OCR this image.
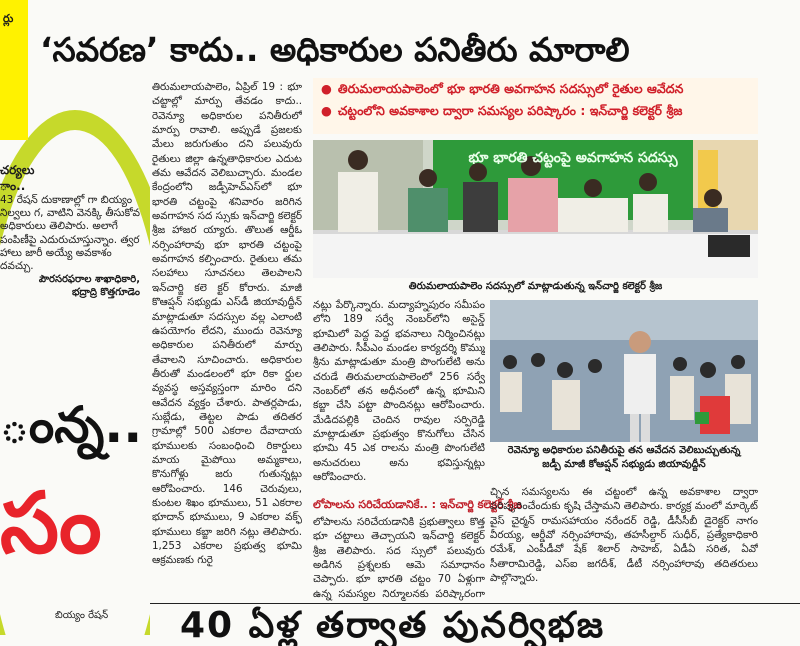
ర్లు
చర్యలు
ాం..
43 రేషన్ దుకాణాల్లో గా బియ్యం నిల్వలు గ, వాటిని వెనక్కి తీసుకోవ అధికారులు తెలిపారు. అలాగే పంపిణీపై ఎదురుచూస్తున్నాం. త్వర హాలు జారీ అయ్యే అవకాశం దవచ్చు.
పౌరసరఫరాల శాఖాధికారి,
భద్రాద్రి కొత్తగూడెం
ంన్న..
సం
బియ్యం రేషన్
‘సవరణ’ కాదు.. అధికారుల పనితీరు మారాలి
● తిరుమలాయపాలెంలో భూ భారతి అవగాహన సదస్సులో రైతుల ఆవేదన
● చట్టంలోని అవకాశాల ద్వారా సమస్యల పరిష్కారం : ఇన్‌చార్జి కలెక్టర్ శ్రీజ
తిరుమలాయపాలెం, ఏప్రిల్ 19 : భూ చట్టాల్లో మార్పు తేవడం కాదు.. రెవెన్యూ అధికారుల పనితీరులో మార్పు రావాలి. అప్పుడే ప్రజలకు మేలు జరుగుతుం దని పలువురు రైతులు జిల్లా ఉన్నతాధికారుల ఎదుట తమ ఆవేదన వెలిబుచ్చారు. మండల కేంద్రంలోని జడ్పీహెచ్‌ఎస్‌లో భూ భారతి చట్టంపై శనివారం జరిగిన అవగాహన సద స్సుకు ఇన్‌చార్జి కలెక్టర్ శ్రీజ హాజర య్యారు. తొలుత ఆర్డీఓ నర్సింహారావు భూ భారతి చట్టంపై అవగాహన కల్పించారు. రైతులు తమ సలహాలు సూచనలు తెలపాలని ఇన్‌చార్జి కలె క్టర్ కోరారు. మాజీ కొఆప్షన్ సభ్యుడు ఎస్‌డీ జియావుద్దీన్ మాట్లాడుతూ సదస్సుల వల్ల ఎలాంటి ఉపయోగం లేదని, ముందు రెవెన్యూ అధికారుల పనితీరులో మార్పు తేవాలని సూచించారు. అధికారుల తీరుతో మండలంలో భూ రికా ర్డుల వ్యవస్థ అస్తవ్యస్తంగా మారిం దని ఆవేదన వ్యక్తం చేశారు. పాతర్లపాడు, సుబ్లేడు, తెట్టల పాడు తదితర గ్రామాల్లో 500 ఎకరాల దేవాదాయ భూములకు సంబంధించి రికార్డులు మాయ మైపోయి అమ్మకాలు, కొనుగోళ్లు జరు గుతున్నట్లు ఆరోపించారు. 146 చెరువులు, కుంటల శిఖం భూములు, 51 ఎకరాల భూదాన్ భూములు, 9 ఎకరాల వక్ఫ్ భూములు కబ్జా జరిగి నట్లు తెలిపారు. 1,253 ఎకరాల ప్రభుత్వ భూమి ఆక్రమణకు గురై
భూ భారతి చట్టంపై అవగాహన సదస్సు
తిరుమలాయపాలెం సదస్సులో మాట్లాడుతున్న ఇన్‌చార్జి కలెక్టర్ శ్రీజ
నట్లు పేర్కొన్నారు. మద్యాహ్నపురం సమీపం లోని 189 సర్వే నెంబర్‌లోని అసైన్డ్ భూమిలో పెద్ద పెద్ద భవనాలు నిర్మించినట్లు తెలిపారు. సీపీఎం మండల కార్యదర్శి కొమ్ము శ్రీను మాట్లాడుతూ మంత్రి పొంగులేటి అను చరుడే తిరుమలాయపాలెంలో 256 సర్వే నెంబర్‌లో తన అధీనంలో ఉన్న భూమిని కబ్జా చేసి పట్టా పొందినట్లు ఆరోపించారు. మేడిదపల్లికి చెందిన రావుల సర్పిరెడ్డి మాట్లాడుతూ ప్రభుత్వం కొనుగోలు చేసిన భూమి 45 ఎక రాలను మంత్రి పొంగులేటి అనుచరులు అను భవిస్తున్నట్లు ఆరోపించారు.
రెవెన్యూ అధికారుల పనితీరుపై తన ఆవేదన వెలిబుచ్చుతున్న
జడ్పీ మాజీ కోఆప్షన్ సభ్యుడు జియావుద్దీన్
లోపాలను సరిచేయడానికే.. : ఇన్‌చార్జి కలెక్టర్ శ్రీజ
లోపాలను సరిచేయడానికి ప్రభుత్వాలు కొత్త భూ చట్టాలు తెచ్చాయని ఇన్‌చార్జి కలెక్టర్ శ్రీజ తెలిపారు. సద స్సులో పలువురు అడిగిన ప్రశ్నలకు ఆమె సమాధానం చెప్పారు. భూ భారతి చట్టం 70 ఏళ్లుగా ఉన్న సమస్యల నిర్మూలనకు పరిష్కారంగా
చ్చిన సమస్యలను ఈ చట్టంలో ఉన్న అవకాశాల ద్వారా పరిష్కరించేందుకు కృషి చేస్తామని తెలిపారు. కార్యక్ర మంలో మార్కెట్ వైస్ చైర్మన్ రామసహాయం నరేందర్ రెడ్డి, డీసీసీబీ డైరెక్టర్ నాగం వీరయ్య, ఆర్డీవో నర్సింహారావు, తహసీల్దార్ సుధీర్, ప్రత్యేకాధికారి రమేశ్, ఎంపీడీవో షేక్ శిలార్ సాహెబ్, ఏడీఏ సరిత, ఏవో సీతారామిరెడ్డి, ఎస్ఐ జగదీశ్, డీటీ నర్సింహారావు తదితరులు పాల్గొన్నారు.
40 ఏళ్ల తర్వాత పునర్విభజ
